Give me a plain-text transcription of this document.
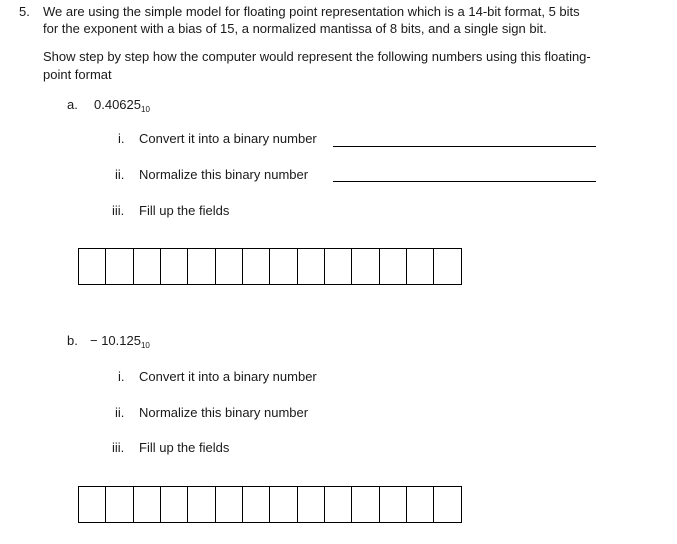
5. We are using the simple model for floating point representation which is a 14-bit format, 5 bits
for the exponent with a bias of 15, a normalized mantissa of 8 bits, and a single sign bit.
Show step by step how the computer would represent the following numbers using this floating-
point format
a. $0.40625_{10}$
i. Convert it into a binary number
ii. Normalize this binary number
iii. Fill up the fields
b. − $10.125_{10}$
i. Convert it into a binary number
ii. Normalize this binary number
iii. Fill up the fields
